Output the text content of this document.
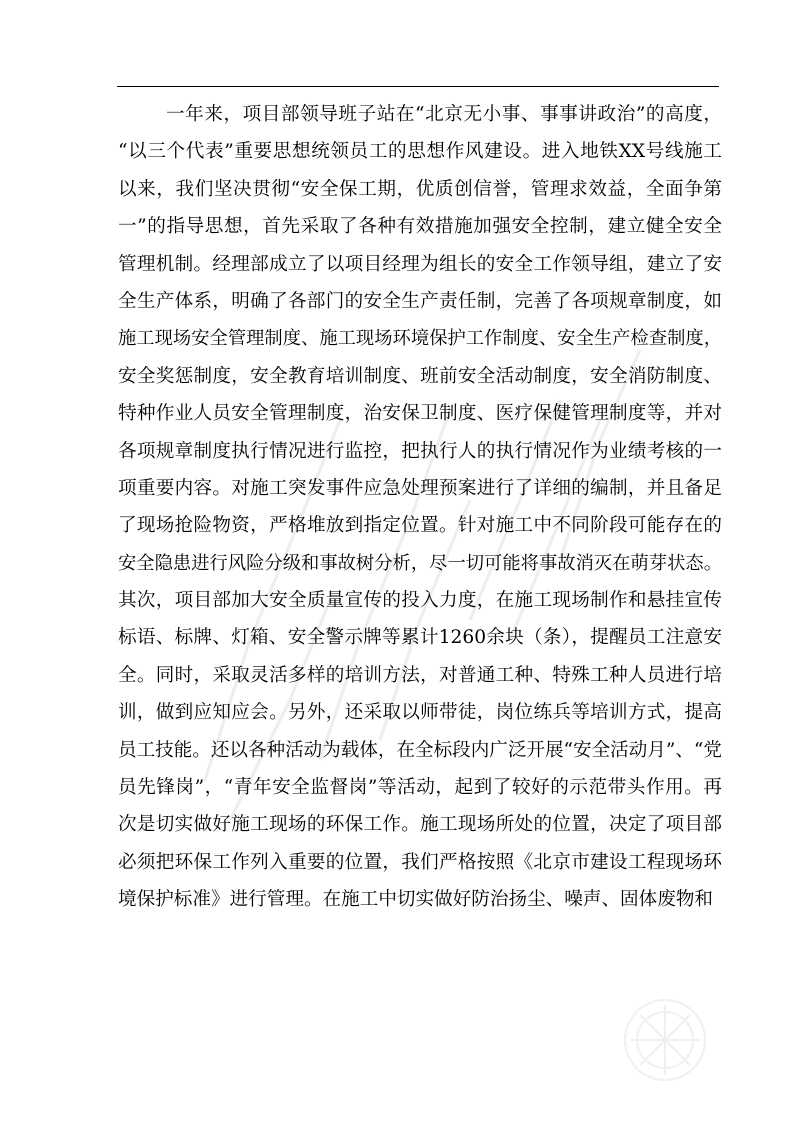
一年来，项目部领导班子站在“北京无小事、事事讲政治”的高度，
“以三个代表”重要思想统领员工的思想作风建设。进入地铁XX号线施工
以来，我们坚决贯彻“安全保工期，优质创信誉，管理求效益，全面争第
一”的指导思想，首先采取了各种有效措施加强安全控制，建立健全安全
管理机制。经理部成立了以项目经理为组长的安全工作领导组，建立了安
全生产体系，明确了各部门的安全生产责任制，完善了各项规章制度，如
施工现场安全管理制度、施工现场环境保护工作制度、安全生产检查制度，
安全奖惩制度，安全教育培训制度、班前安全活动制度，安全消防制度、
特种作业人员安全管理制度，治安保卫制度、医疗保健管理制度等，并对
各项规章制度执行情况进行监控，把执行人的执行情况作为业绩考核的一
项重要内容。对施工突发事件应急处理预案进行了详细的编制，并且备足
了现场抢险物资，严格堆放到指定位置。针对施工中不同阶段可能存在的
安全隐患进行风险分级和事故树分析，尽一切可能将事故消灭在萌芽状态。
其次，项目部加大安全质量宣传的投入力度，在施工现场制作和悬挂宣传
标语、标牌、灯箱、安全警示牌等累计1260余块（条），提醒员工注意安
全。同时，采取灵活多样的培训方法，对普通工种、特殊工种人员进行培
训，做到应知应会。另外，还采取以师带徒，岗位练兵等培训方式，提高
员工技能。还以各种活动为载体，在全标段内广泛开展“安全活动月”、“党
员先锋岗”，“青年安全监督岗”等活动，起到了较好的示范带头作用。再
次是切实做好施工现场的环保工作。施工现场所处的位置，决定了项目部
必须把环保工作列入重要的位置，我们严格按照《北京市建设工程现场环
境保护标准》进行管理。在施工中切实做好防治扬尘、噪声、固体废物和
